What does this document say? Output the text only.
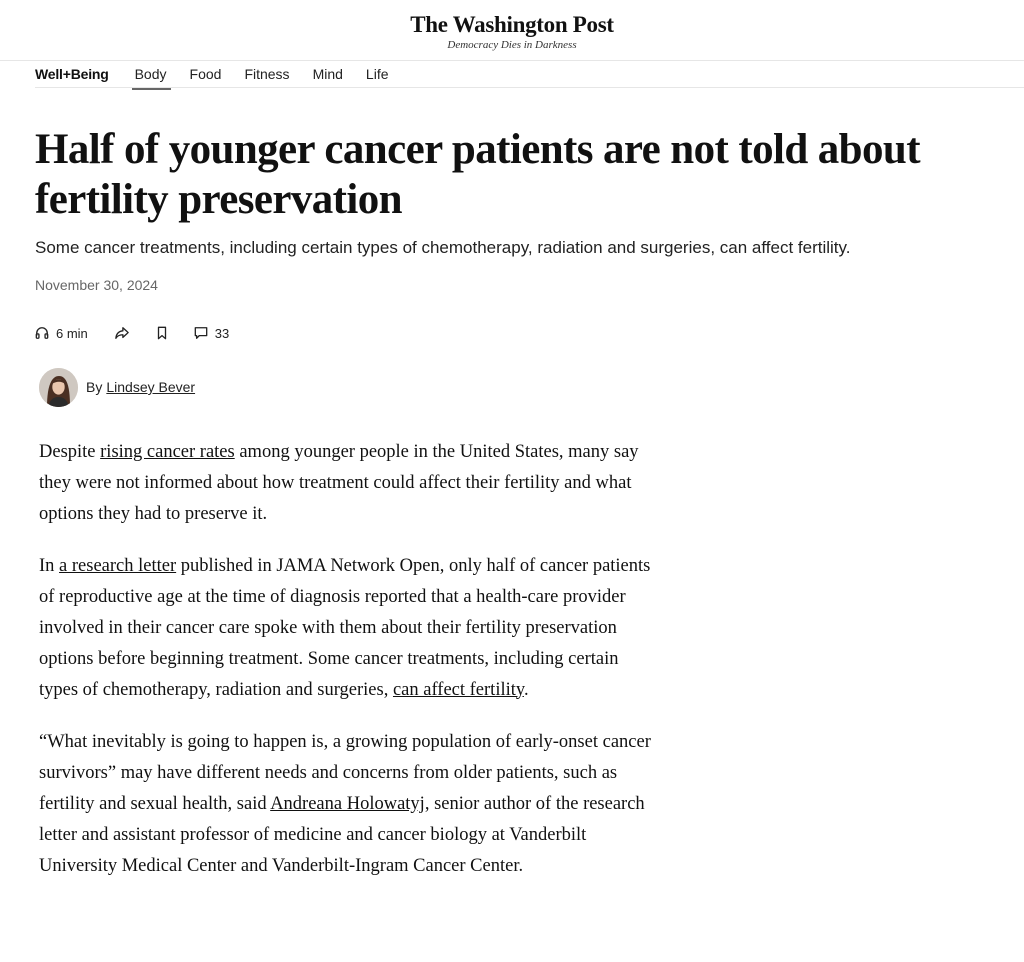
The Washington Post
Democracy Dies in Darkness
Well+Being Body Food Fitness Mind Life
Half of younger cancer patients are not told about fertility preservation

Some cancer treatments, including certain types of chemotherapy, radiation and surgeries, can affect fertility.

November 30, 2024
6 min	33
By Lindsey Bever

Despite rising cancer rates among younger people in the United States, many say they were not informed about how treatment could affect their fertility and what options they had to preserve it.

In a research letter published in JAMA Network Open, only half of cancer patients of reproductive age at the time of diagnosis reported that a health-care provider involved in their cancer care spoke with them about their fertility preservation options before beginning treatment. Some cancer treatments, including certain types of chemotherapy, radiation and surgeries, can affect fertility.

“What inevitably is going to happen is, a growing population of early-onset cancer survivors” may have different needs and concerns from older patients, such as fertility and sexual health, said Andreana Holowatyj, senior author of the research letter and assistant professor of medicine and cancer biology at Vanderbilt University Medical Center and Vanderbilt-Ingram Cancer Center.
